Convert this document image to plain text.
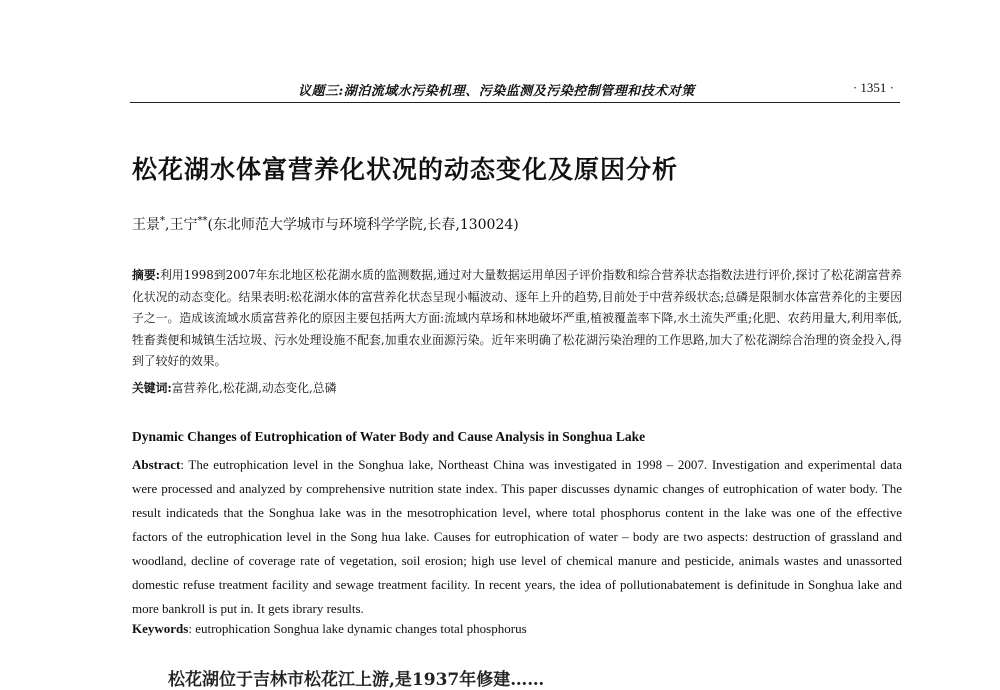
议题三:湖泊流域水污染机理、污染监测及污染控制管理和技术对策	· 1351 ·
松花湖水体富营养化状况的动态变化及原因分析
王景*,王宁**(东北师范大学城市与环境科学学院,长春,130024)
摘要:利用1998到2007年东北地区松花湖水质的监测数据,通过对大量数据运用单因子评价指数和综合营养状态指数法进行评价,探讨了松花湖富营养化状况的动态变化。结果表明:松花湖水体的富营养化状态呈现小幅波动、逐年上升的趋势,目前处于中营养级状态;总磷是限制水体富营养化的主要因子之一。造成该流域水质富营养化的原因主要包括两大方面:流域内草场和林地破坏严重,植被覆盖率下降,水土流失严重;化肥、农药用量大,利用率低,牲畜粪便和城镇生活垃圾、污水处理设施不配套,加重农业面源污染。近年来明确了松花湖污染治理的工作思路,加大了松花湖综合治理的资金投入,得到了较好的效果。
关键词:富营养化,松花湖,动态变化,总磷
Dynamic Changes of Eutrophication of Water Body and Cause Analysis in Songhua Lake
Abstract: The eutrophication level in the Songhua lake, Northeast China was investigated in 1998 – 2007. Investigation and experimental data were processed and analyzed by comprehensive nutrition state index. This paper discusses dynamic changes of eutrophication of water body. The result indicateds that the Songhua lake was in the mesotrophication level, where total phosphorus content in the lake was one of the effective factors of the eutrophication level in the Song hua lake. Causes for eutrophication of water – body are two aspects: destruction of grassland and woodland, decline of coverage rate of vegetation, soil erosion; high use level of chemical manure and pesticide, animals wastes and unassorted domestic refuse treatment facility and sewage treatment facility. In recent years, the idea of pollutionabatement is definitude in Songhua lake and more bankroll is put in. It gets ibrary results.
Keywords: eutrophication Songhua lake dynamic changes total phosphorus
松花湖位于吉林市松花江上游,是1937年修建……
